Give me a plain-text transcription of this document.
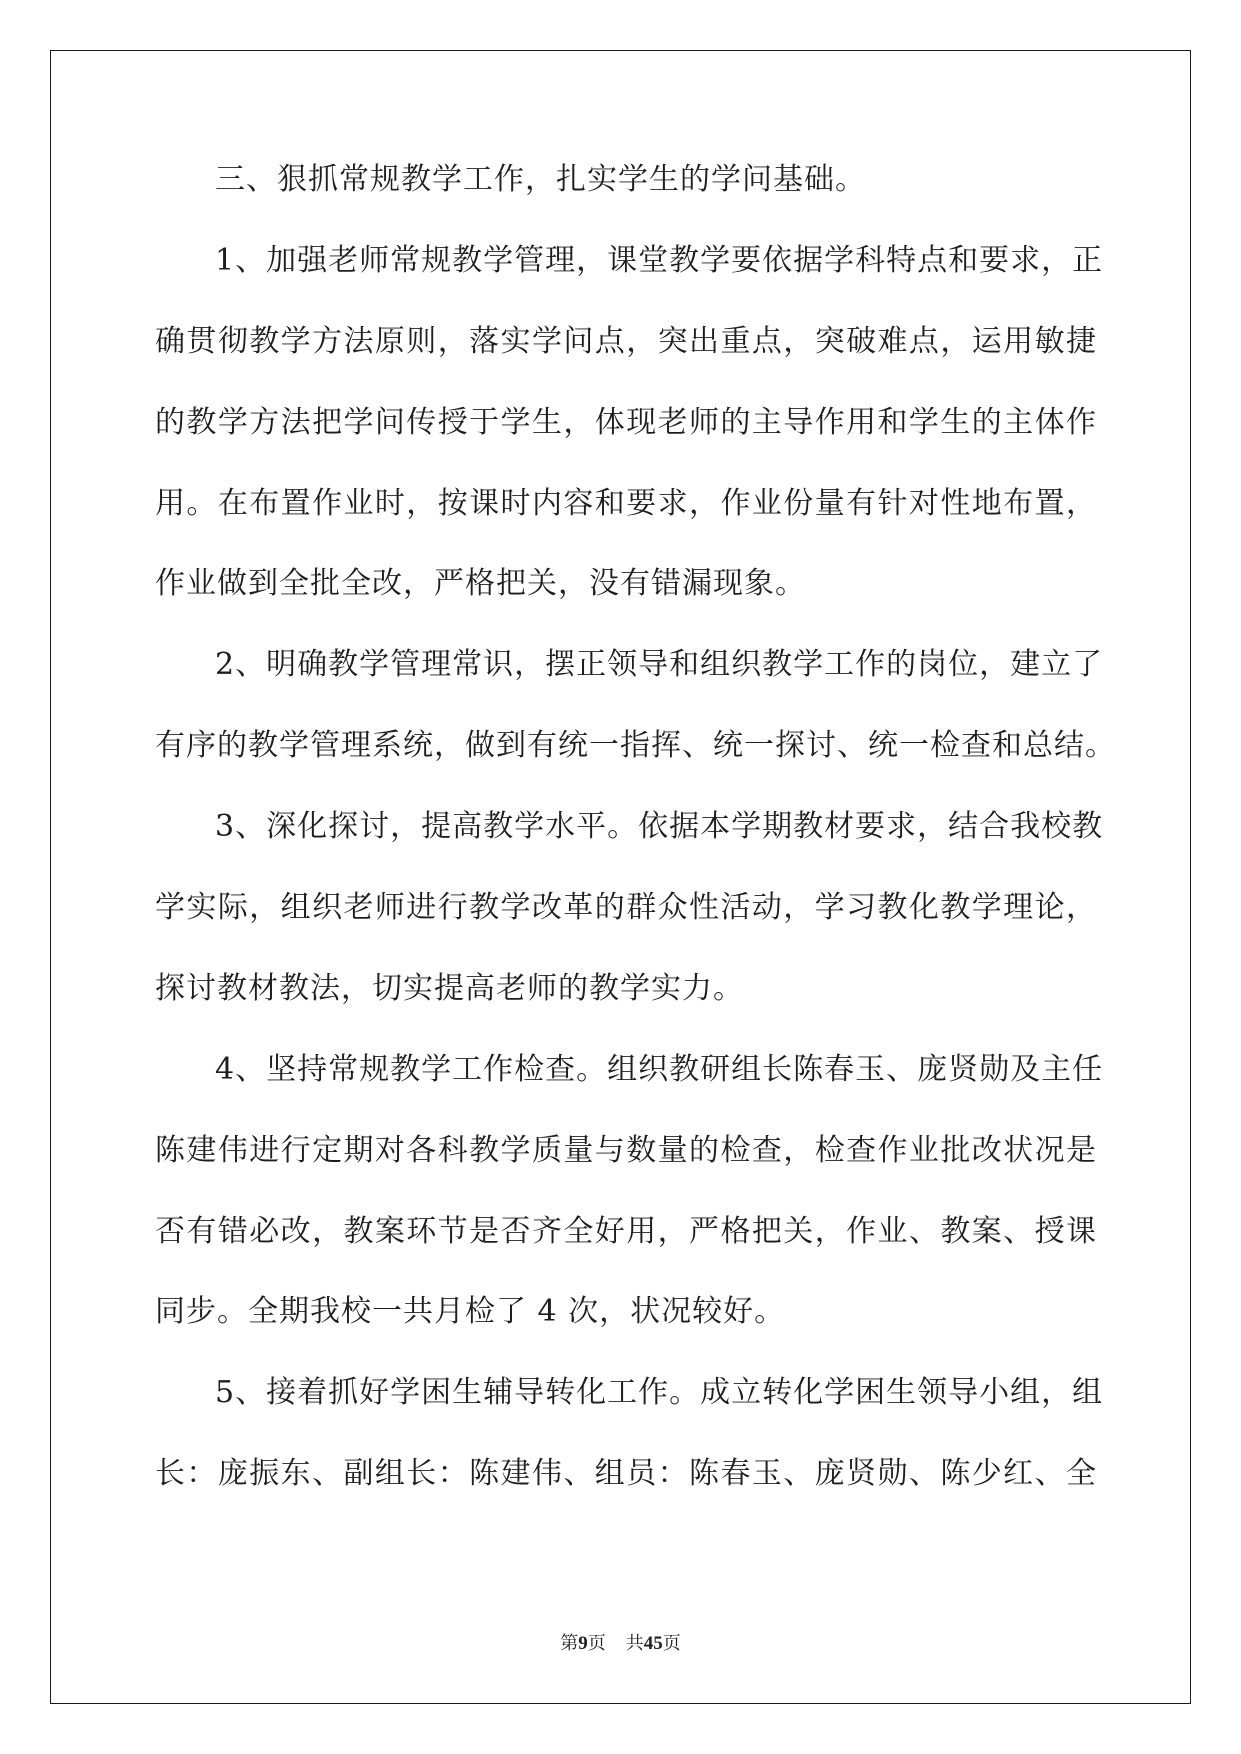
三、狠抓常规教学工作，扎实学生的学问基础。
1、加强老师常规教学管理，课堂教学要依据学科特点和要求，正
确贯彻教学方法原则，落实学问点，突出重点，突破难点，运用敏捷
的教学方法把学问传授于学生，体现老师的主导作用和学生的主体作
用。在布置作业时，按课时内容和要求，作业份量有针对性地布置，
作业做到全批全改，严格把关，没有错漏现象。
2、明确教学管理常识，摆正领导和组织教学工作的岗位，建立了
有序的教学管理系统，做到有统一指挥、统一探讨、统一检查和总结。
3、深化探讨，提高教学水平。依据本学期教材要求，结合我校教
学实际，组织老师进行教学改革的群众性活动，学习教化教学理论，
探讨教材教法，切实提高老师的教学实力。
4、坚持常规教学工作检查。组织教研组长陈春玉、庞贤勋及主任
陈建伟进行定期对各科教学质量与数量的检查，检查作业批改状况是
否有错必改，教案环节是否齐全好用，严格把关，作业、教案、授课
同步。全期我校一共月检了 4 次，状况较好。
5、接着抓好学困生辅导转化工作。成立转化学困生领导小组，组
长：庞振东、副组长：陈建伟、组员：陈春玉、庞贤勋、陈少红、全
第9页 共45页
